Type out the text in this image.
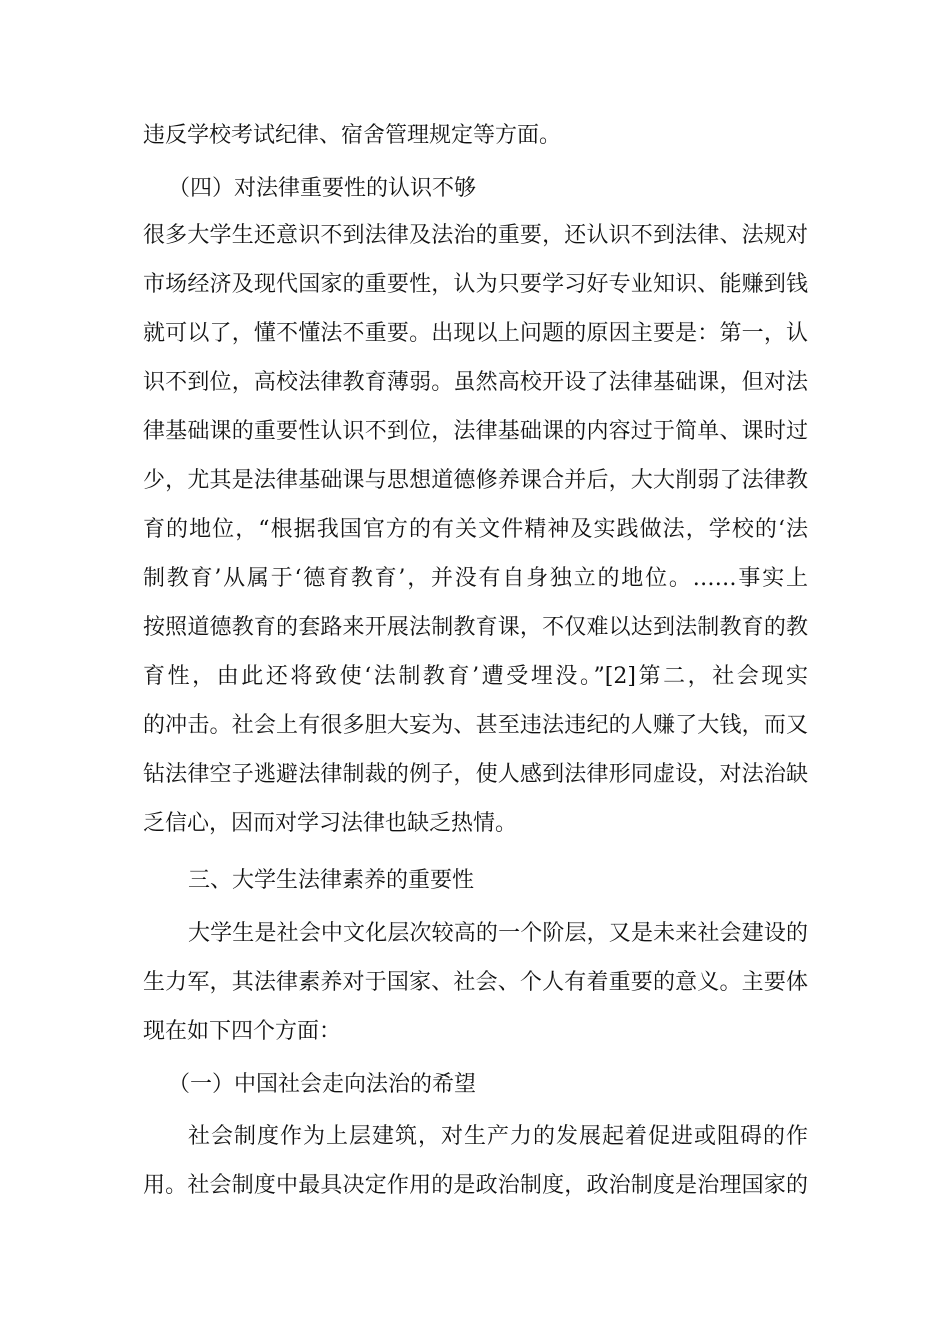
违反学校考试纪律、宿舍管理规定等方面。
（四）对法律重要性的认识不够
很多大学生还意识不到法律及法治的重要，还认识不到法律、法规对
市场经济及现代国家的重要性，认为只要学习好专业知识、能赚到钱
就可以了，懂不懂法不重要。出现以上问题的原因主要是：第一，认
识不到位，高校法律教育薄弱。虽然高校开设了法律基础课，但对法
律基础课的重要性认识不到位，法律基础课的内容过于简单、课时过
少，尤其是法律基础课与思想道德修养课合并后，大大削弱了法律教
育的地位，“根据我国官方的有关文件精神及实践做法，学校的‘法
制教育’从属于‘德育教育’，并没有自身独立的地位。……事实上
按照道德教育的套路来开展法制教育课，不仅难以达到法制教育的教
育性，由此还将致使‘法制教育’遭受埋没。”[2]第二，社会现实
的冲击。社会上有很多胆大妄为、甚至违法违纪的人赚了大钱，而又
钻法律空子逃避法律制裁的例子，使人感到法律形同虚设，对法治缺
乏信心，因而对学习法律也缺乏热情。
三、大学生法律素养的重要性
大学生是社会中文化层次较高的一个阶层，又是未来社会建设的
生力军，其法律素养对于国家、社会、个人有着重要的意义。主要体
现在如下四个方面：
（一）中国社会走向法治的希望
社会制度作为上层建筑，对生产力的发展起着促进或阻碍的作
用。社会制度中最具决定作用的是政治制度，政治制度是治理国家的
